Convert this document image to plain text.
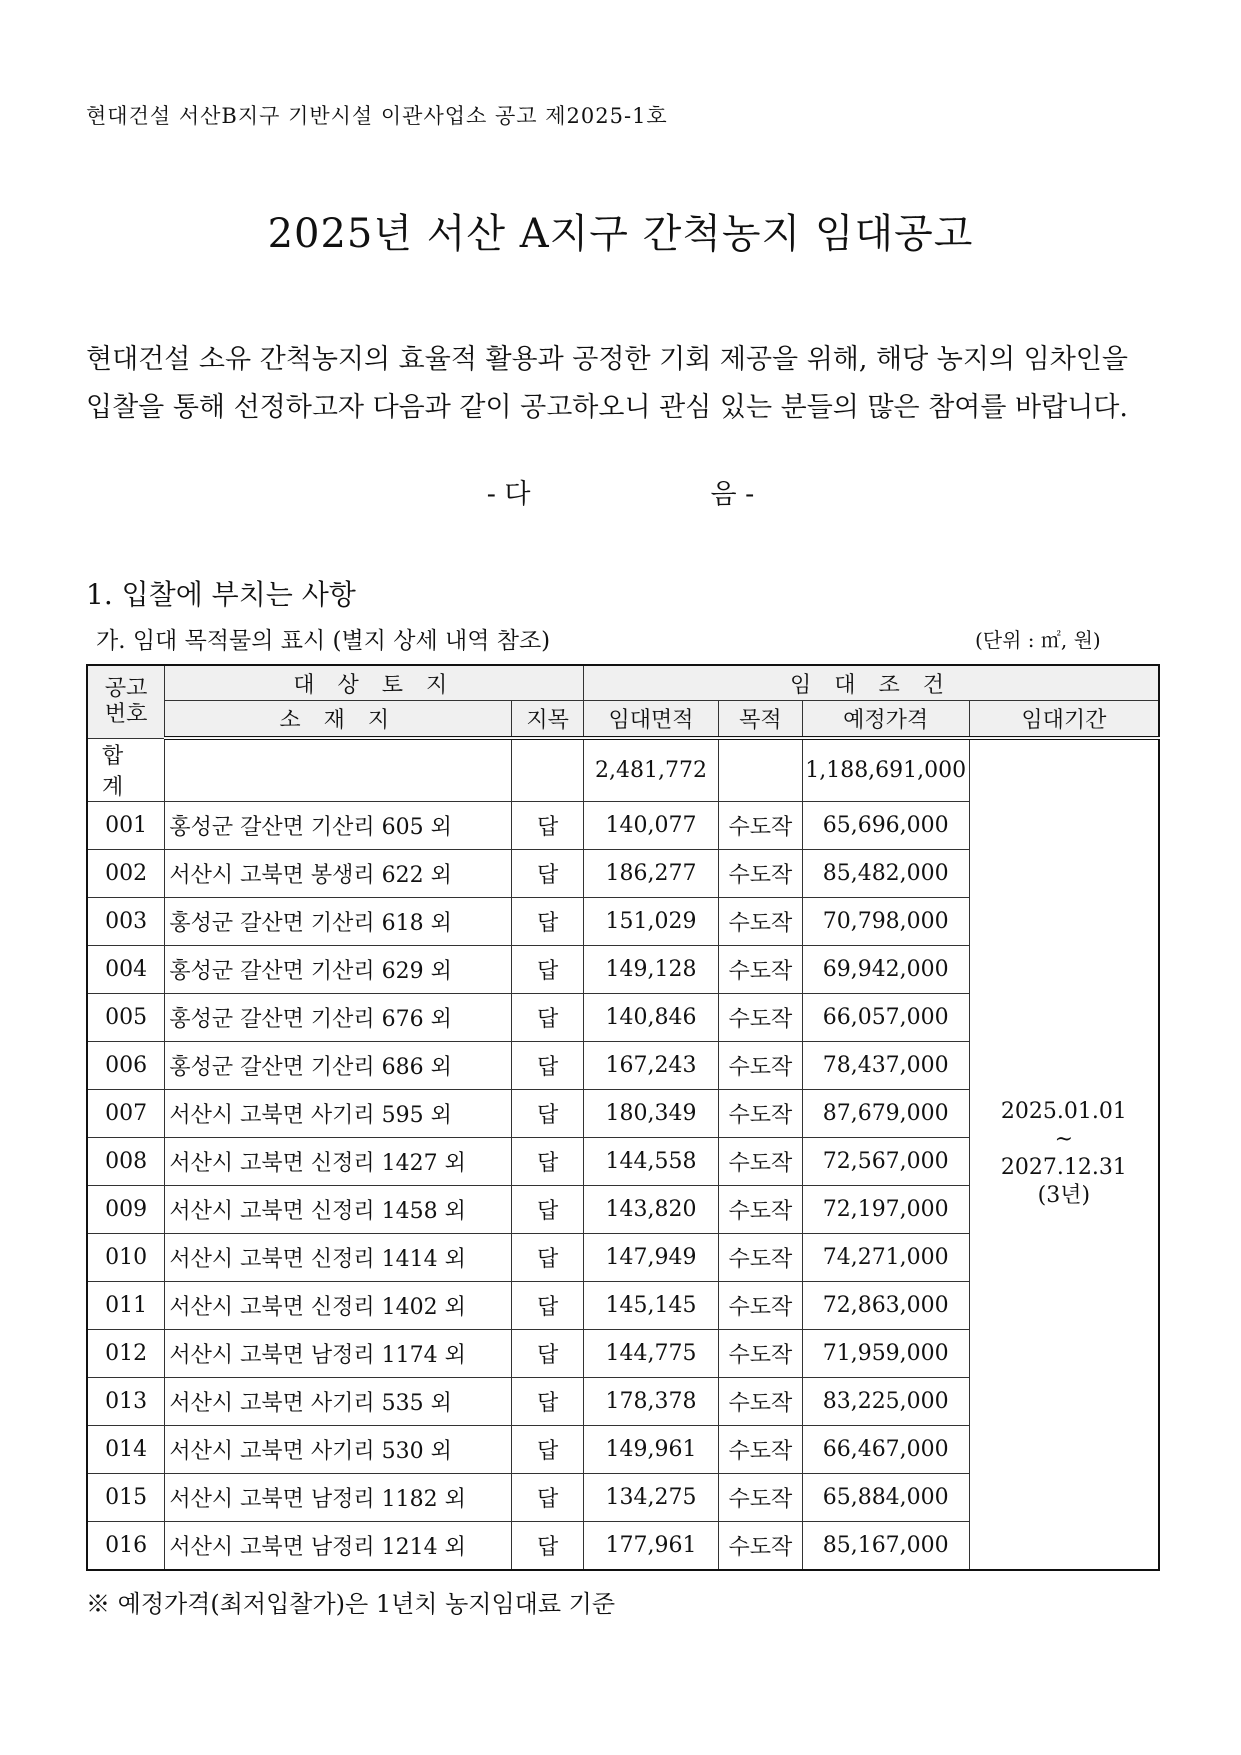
현대건설 서산B지구 기반시설 이관사업소 공고 제2025-1호
2025년 서산 A지구 간척농지 임대공고

현대건설 소유 간척농지의 효율적 활용과 공정한 기회 제공을 위해, 해당 농지의 임차인을

입찰을 통해 선정하고자 다음과 같이 공고하오니 관심 있는 분들의 많은 참여를 바랍니다.

- 다	음 -
1. 입찰에 부치는 사항
가. 임대 목적물의 표시 (별지 상세 내역 참조)	(단위 : ㎡, 원)
공고
번호	대 상 토 지		임 대 조 건			
	소 재 지	지목	임대면적	목적	예정가격	임대기간
합 계			2,481,772		1,188,691,000	2025.01.01
~
2027.12.31
(3년)

001	홍성군 갈산면 기산리 605 외	답	140,077	수도작	65,696,000	
002	서산시 고북면 봉생리 622 외	답	186,277	수도작	85,482,000	
003	홍성군 갈산면 기산리 618 외	답	151,029	수도작	70,798,000	
004	홍성군 갈산면 기산리 629 외	답	149,128	수도작	69,942,000	
005	홍성군 갈산면 기산리 676 외	답	140,846	수도작	66,057,000	
006	홍성군 갈산면 기산리 686 외	답	167,243	수도작	78,437,000	
007	서산시 고북면 사기리 595 외	답	180,349	수도작	87,679,000	
008	서산시 고북면 신정리 1427 외	답	144,558	수도작	72,567,000	
009	서산시 고북면 신정리 1458 외	답	143,820	수도작	72,197,000	
010	서산시 고북면 신정리 1414 외	답	147,949	수도작	74,271,000	
011	서산시 고북면 신정리 1402 외	답	145,145	수도작	72,863,000	
012	서산시 고북면 남정리 1174 외	답	144,775	수도작	71,959,000	
013	서산시 고북면 사기리 535 외	답	178,378	수도작	83,225,000	
014	서산시 고북면 사기리 530 외	답	149,961	수도작	66,467,000	
015	서산시 고북면 남정리 1182 외	답	134,275	수도작	65,884,000	
016	서산시 고북면 남정리 1214 외	답	177,961	수도작	85,167,000	
※ 예정가격(최저입찰가)은 1년치 농지임대료 기준
